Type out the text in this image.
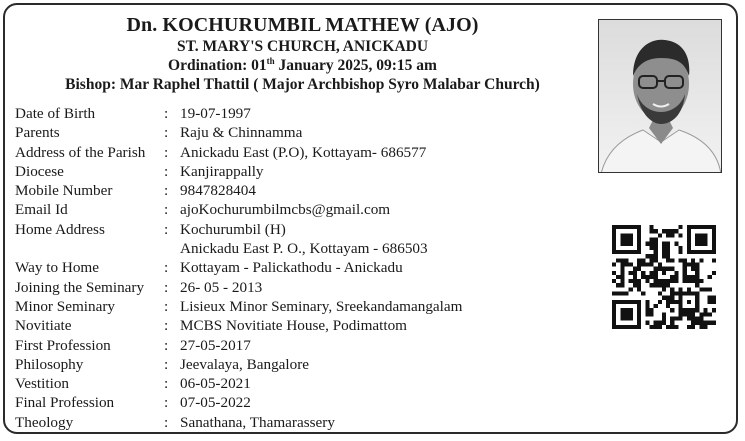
Dn. KOCHURUMBIL MATHEW (AJO)
ST. MARY'S CHURCH, ANICKADU
Ordination: 01th January 2025, 09:15 am
Bishop: Mar Raphel Thattil ( Major Archbishop Syro Malabar Church)
Date of Birth	:	19-07-1997
Parents	:	Raju & Chinnamma
Address of the Parish	:	Anickadu East (P.O), Kottayam- 686577
Diocese	:	Kanjirappally
Mobile Number	:	9847828404
Email Id	:	ajoKochurumbilmcbs@gmail.com
Home Address	:	Kochurumbil (H)
		Anickadu East P. O., Kottayam - 686503
Way to Home	:	Kottayam - Palickathodu - Anickadu
Joining the Seminary	:	26- 05 - 2013
Minor Seminary	:	Lisieux Minor Seminary, Sreekandamangalam
Novitiate	:	MCBS Novitiate House, Podimattom
First Profession	:	27-05-2017
Philosophy	:	Jeevalaya, Bangalore
Vestition	:	06-05-2021
Final Profession	:	07-05-2022
Theology	:	Sanathana, Thamarassery
